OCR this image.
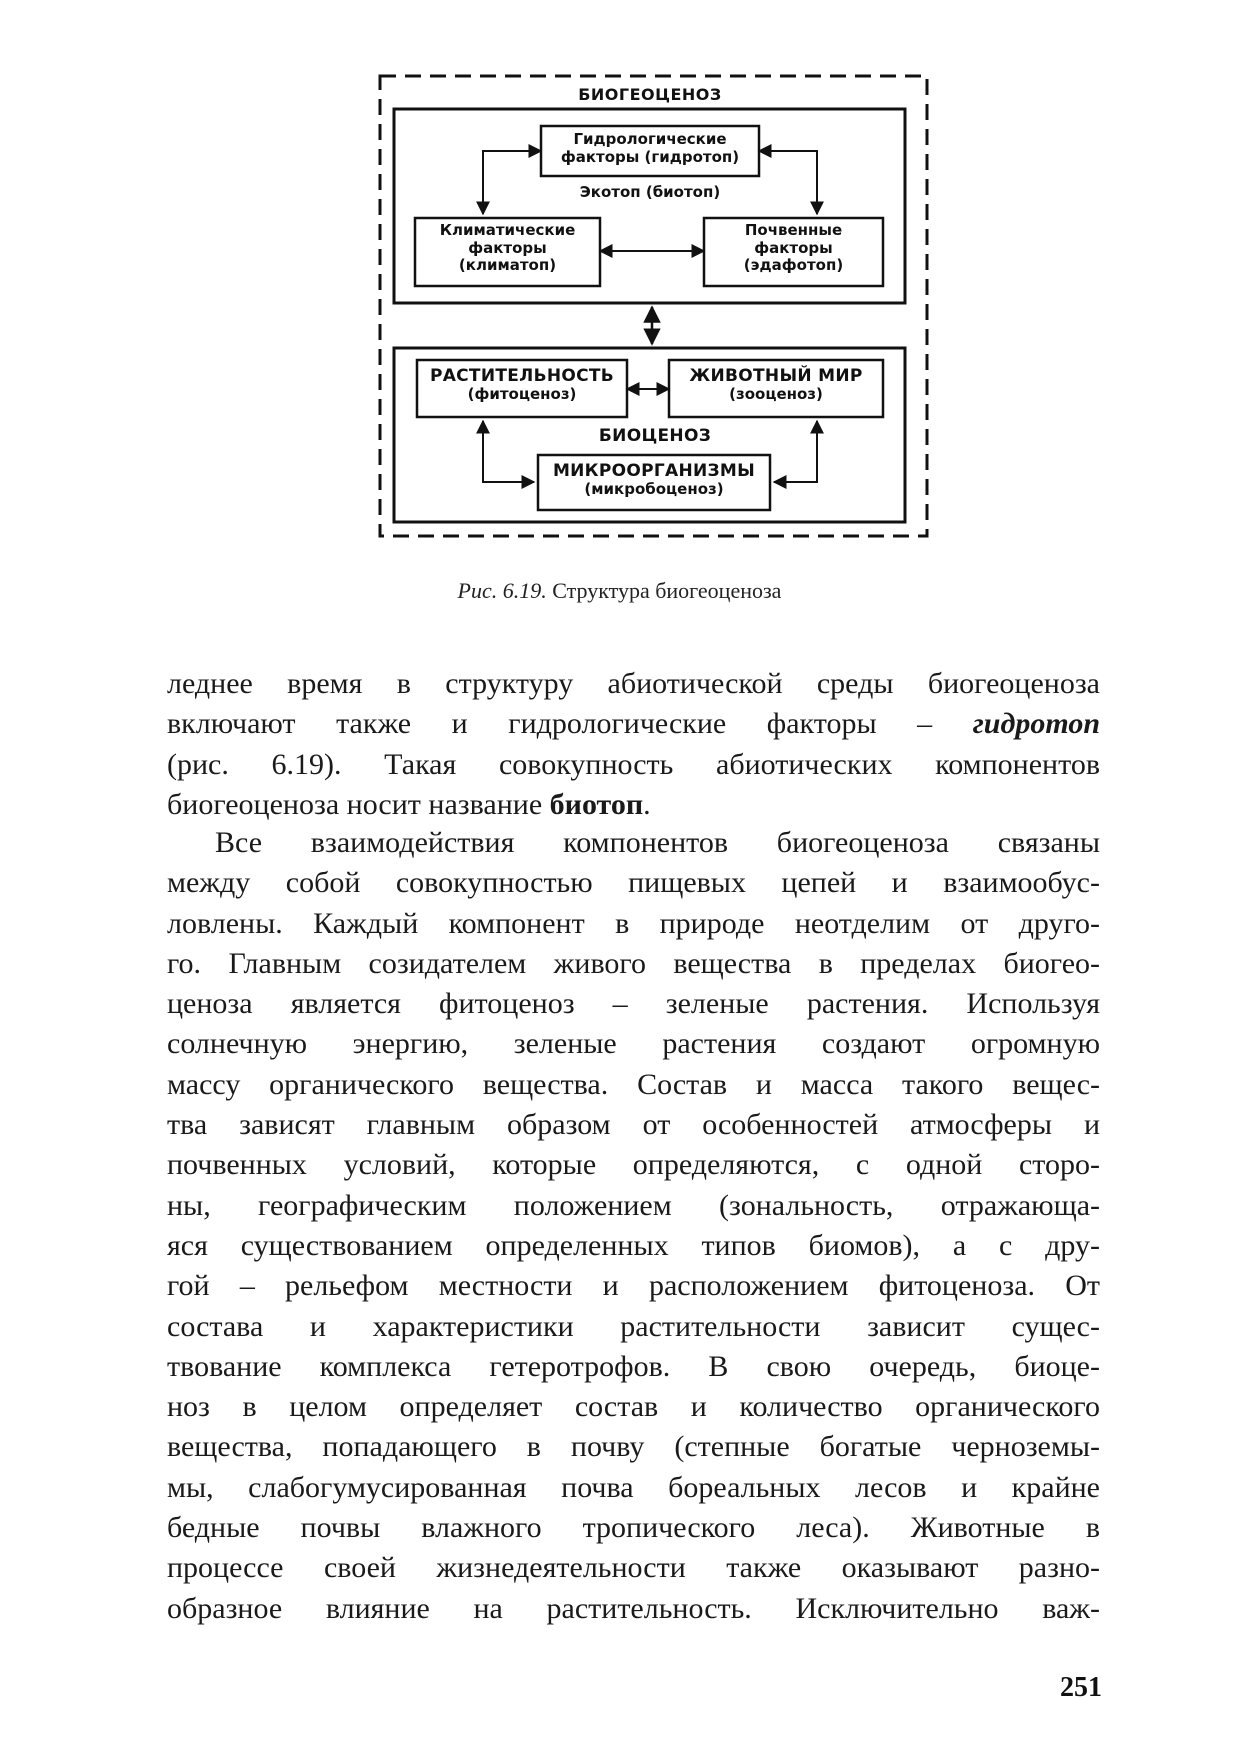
БИОГЕОЦЕНОЗ
Гидрологические
факторы (гидротоп)
Экотоп (биотоп)
Климатические
факторы
(климатоп)
Почвенные
факторы
(эдафотоп)
РАСТИТЕЛЬНОСТЬ
(фитоценоз)
ЖИВОТНЫЙ МИР
(зооценоз)
БИОЦЕНОЗ
МИКРООРГАНИЗМЫ
(микробоценоз)
Рис. 6.19. Структура биогеоценоза
леднее время в структуру абиотической среды биогеоценоза
включают также и гидрологические факторы – гидротоп
(рис. 6.19). Такая совокупность абиотических компонентов
биогеоценоза носит название биотоп.
Все взаимодействия компонентов биогеоценоза связаны
между собой совокупностью пищевых цепей и взаимообус-
ловлены. Каждый компонент в природе неотделим от друго-
го. Главным созидателем живого вещества в пределах биогео-
ценоза является фитоценоз – зеленые растения. Используя
солнечную энергию, зеленые растения создают огромную
массу органического вещества. Состав и масса такого вещес-
тва зависят главным образом от особенностей атмосферы и
почвенных условий, которые определяются, с одной сторо-
ны, географическим положением (зональность, отражающа-
яся существованием определенных типов биомов), а с дру-
гой – рельефом местности и расположением фитоценоза. От
состава и характеристики растительности зависит сущес-
твование комплекса гетеротрофов. В свою очередь, биоце-
ноз в целом определяет состав и количество органического
вещества, попадающего в почву (степные богатые черноземы-
мы, слабогумусированная почва бореальных лесов и крайне
бедные почвы влажного тропического леса). Животные в
процессе своей жизнедеятельности также оказывают разно-
образное влияние на растительность. Исключительно важ-
251
